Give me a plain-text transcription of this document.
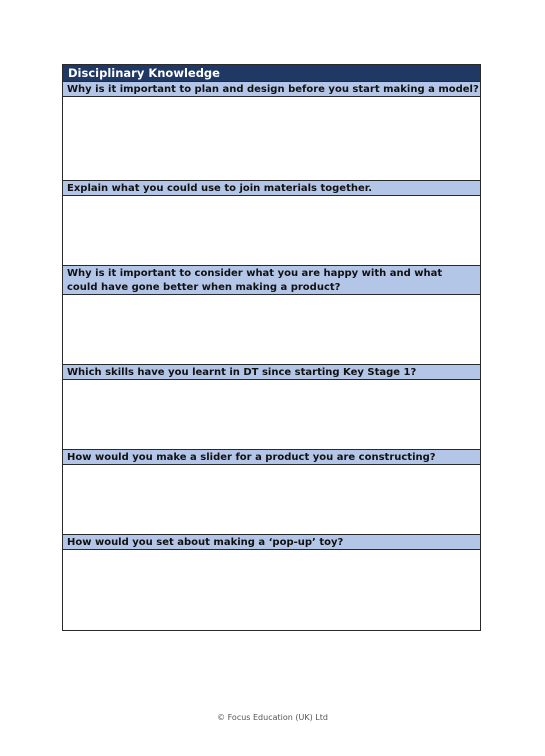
Disciplinary Knowledge
Why is it important to plan and design before you start making a model?
Explain what you could use to join materials together.
Why is it important to consider what you are happy with and what could have gone better when making a product?
Which skills have you learnt in DT since starting Key Stage 1?
How would you make a slider for a product you are constructing?
How would you set about making a ‘pop-up’ toy?
© Focus Education (UK) Ltd
